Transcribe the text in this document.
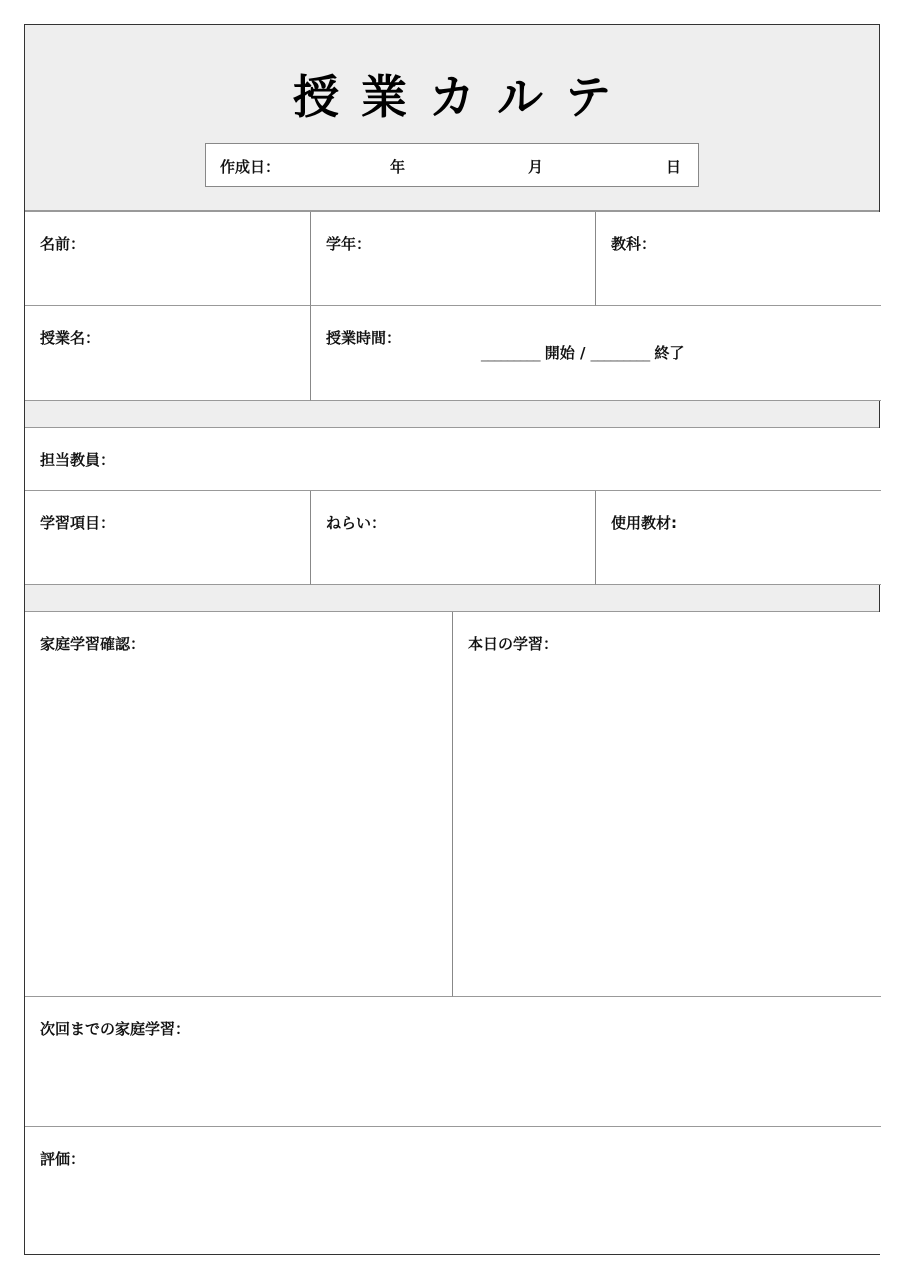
授業カルテ
作成日：	年	月	日
名前：	学年：	教科：
授業名：	授業時間：
_________ 開始 / _________ 終了
担当教員：
学習項目：	ねらい：	使用教材:
家庭学習確認：	本日の学習：
次回までの家庭学習：
評価：
